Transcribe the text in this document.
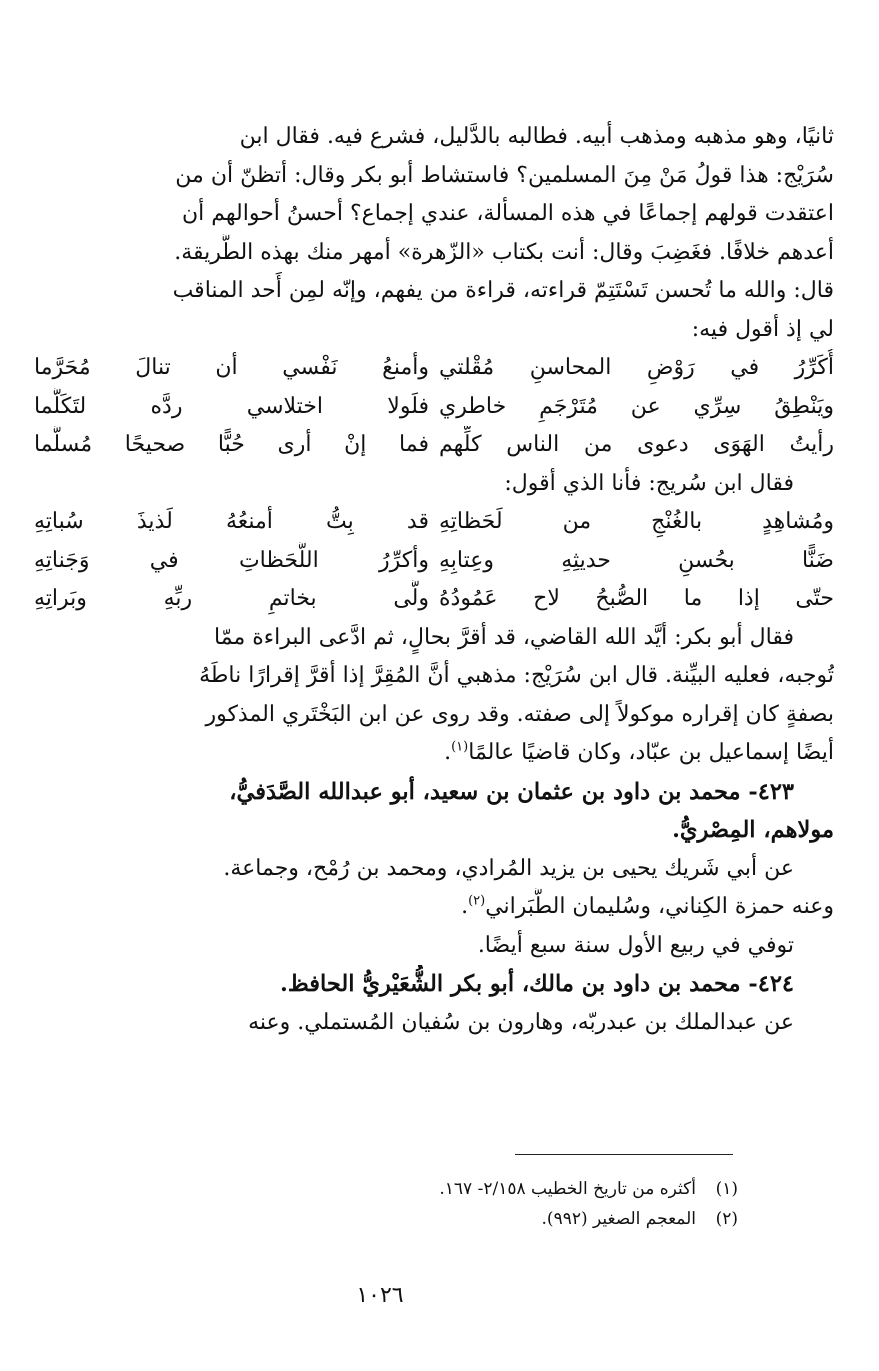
ثانيًا، وهو مذهبه ومذهب أبيه. فطالبه بالدَّليل، فشرع فيه. فقال ابن
سُرَيْج: هذا قولُ مَنْ مِنَ المسلمين؟ فاستشاط أبو بكر وقال: أتظنّ أن من
اعتقدت قولهم إجماعًا في هذه المسألة، عندي إجماع؟ أحسنُ أحوالهم أن
أعدهم خلافًا. فغَضِبَ وقال: أنت بكتاب «الزّهرة» أمهر منك بهذه الطَّريقة.
قال: والله ما تُحسن تَسْتَتِمّ قراءته، قراءة من يفهم، وإنّه لمِن أَحد المناقب
لي إذ أقول فيه:
أُكَرِّرُ في رَوْضِ المحاسنِ مُقْلتي
وأمنعُ نَفْسي أن تنالَ مُحَرَّما
ويَنْطِقُ سِرِّي عن مُتَرْجَمِ خاطري
فلَولا اختلاسي ردَّه لتَكَلَّما
رأيتُ الهَوَى دعوى من الناس كلِّهم
فما إنْ أرى حُبًّا صحيحًا مُسلَّما
فقال ابن سُريج: فأنا الذي أقول:
ومُشاهِدٍ بالغُنْجِ من لَحَظاتِهِ
قد بِتُّ أمنعُهُ لَذيذَ سُباتِهِ
ضَنًّا بحُسنِ حديثِهِ وعِتابِهِ
وأكرِّرُ اللَّحَظاتِ في وَجَناتِهِ
حتّى إذا ما الصُّبحُ لاح عَمُودُهُ
ولَّى بخاتمِ ربِّهِ وبَراتِهِ
فقال أبو بكر: أيَّد الله القاضي، قد أقرَّ بحالٍ، ثم ادَّعى البراءة ممّا
تُوجبه، فعليه البيِّنة. قال ابن سُرَيْج: مذهبي أنَّ المُقِرَّ إذا أقرَّ إقرارًا ناطَهُ
بصفةٍ كان إقراره موكولاً إلى صفته. وقد روى عن ابن البَخْتَري المذكور
أيضًا إسماعيل بن عبّاد، وكان قاضيًا عالمًا$^{(١)}$.
٤٢٣- محمد بن داود بن عثمان بن سعيد، أبو عبدالله الصَّدَفيُّ،
مولاهم، المِصْريُّ.
عن أبي شَريك يحيى بن يزيد المُرادي، ومحمد بن رُمْح، وجماعة.
وعنه حمزة الكِناني، وسُليمان الطَّبَراني$^{(٢)}$.
توفي في ربيع الأول سنة سبع أيضًا.
٤٢٤- محمد بن داود بن مالك، أبو بكر الشُّعَيْريُّ الحافظ.
عن عبدالملك بن عبدربّه، وهارون بن سُفيان المُستملي. وعنه
(١)
أكثره من تاريخ الخطيب ٢/١٥٨- ١٦٧.
(٢)
المعجم الصغير (٩٩٢).
١٠٢٦
